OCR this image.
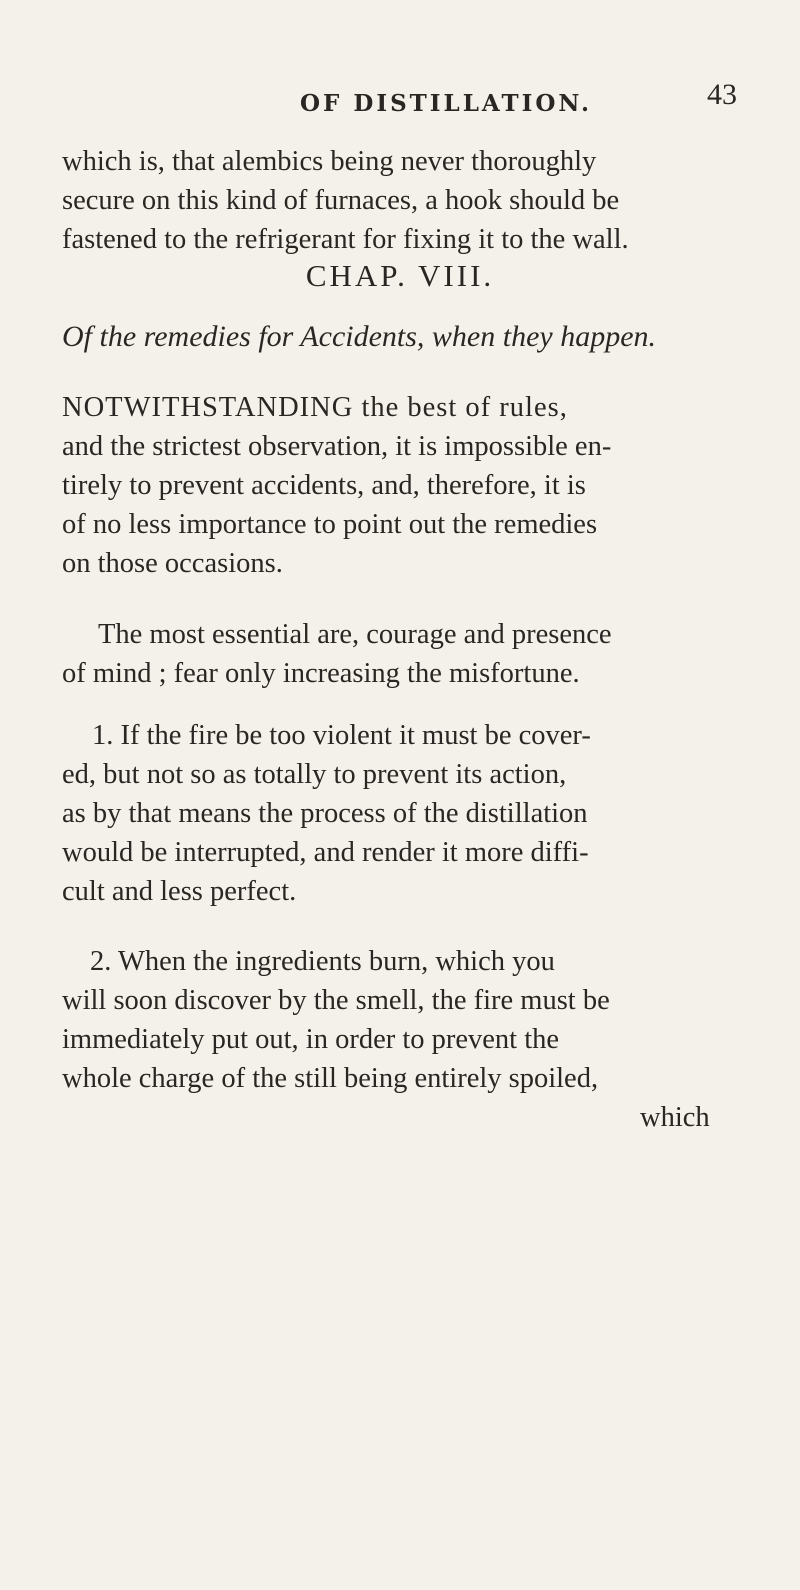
OF DISTILLATION.	43
which is, that alembics being never thoroughly
secure on this kind of furnaces, a hook should be
fastened to the refrigerant for fixing it to the wall.
CHAP. VIII.
Of the remedies for Accidents, when they happen.
NOTWITHSTANDING the best of rules,
and the strictest observation, it is impossible en-
tirely to prevent accidents, and, therefore, it is
of no less importance to point out the remedies
on those occasions.
The most essential are, courage and presence
of mind ; fear only increasing the misfortune.
1. If the fire be too violent it must be cover-
ed, but not so as totally to prevent its action,
as by that means the process of the distillation
would be interrupted, and render it more diffi-
cult and less perfect.
2. When the ingredients burn, which you
will soon discover by the smell, the fire must be
immediately put out, in order to prevent the
whole charge of the still being entirely spoiled,
which
